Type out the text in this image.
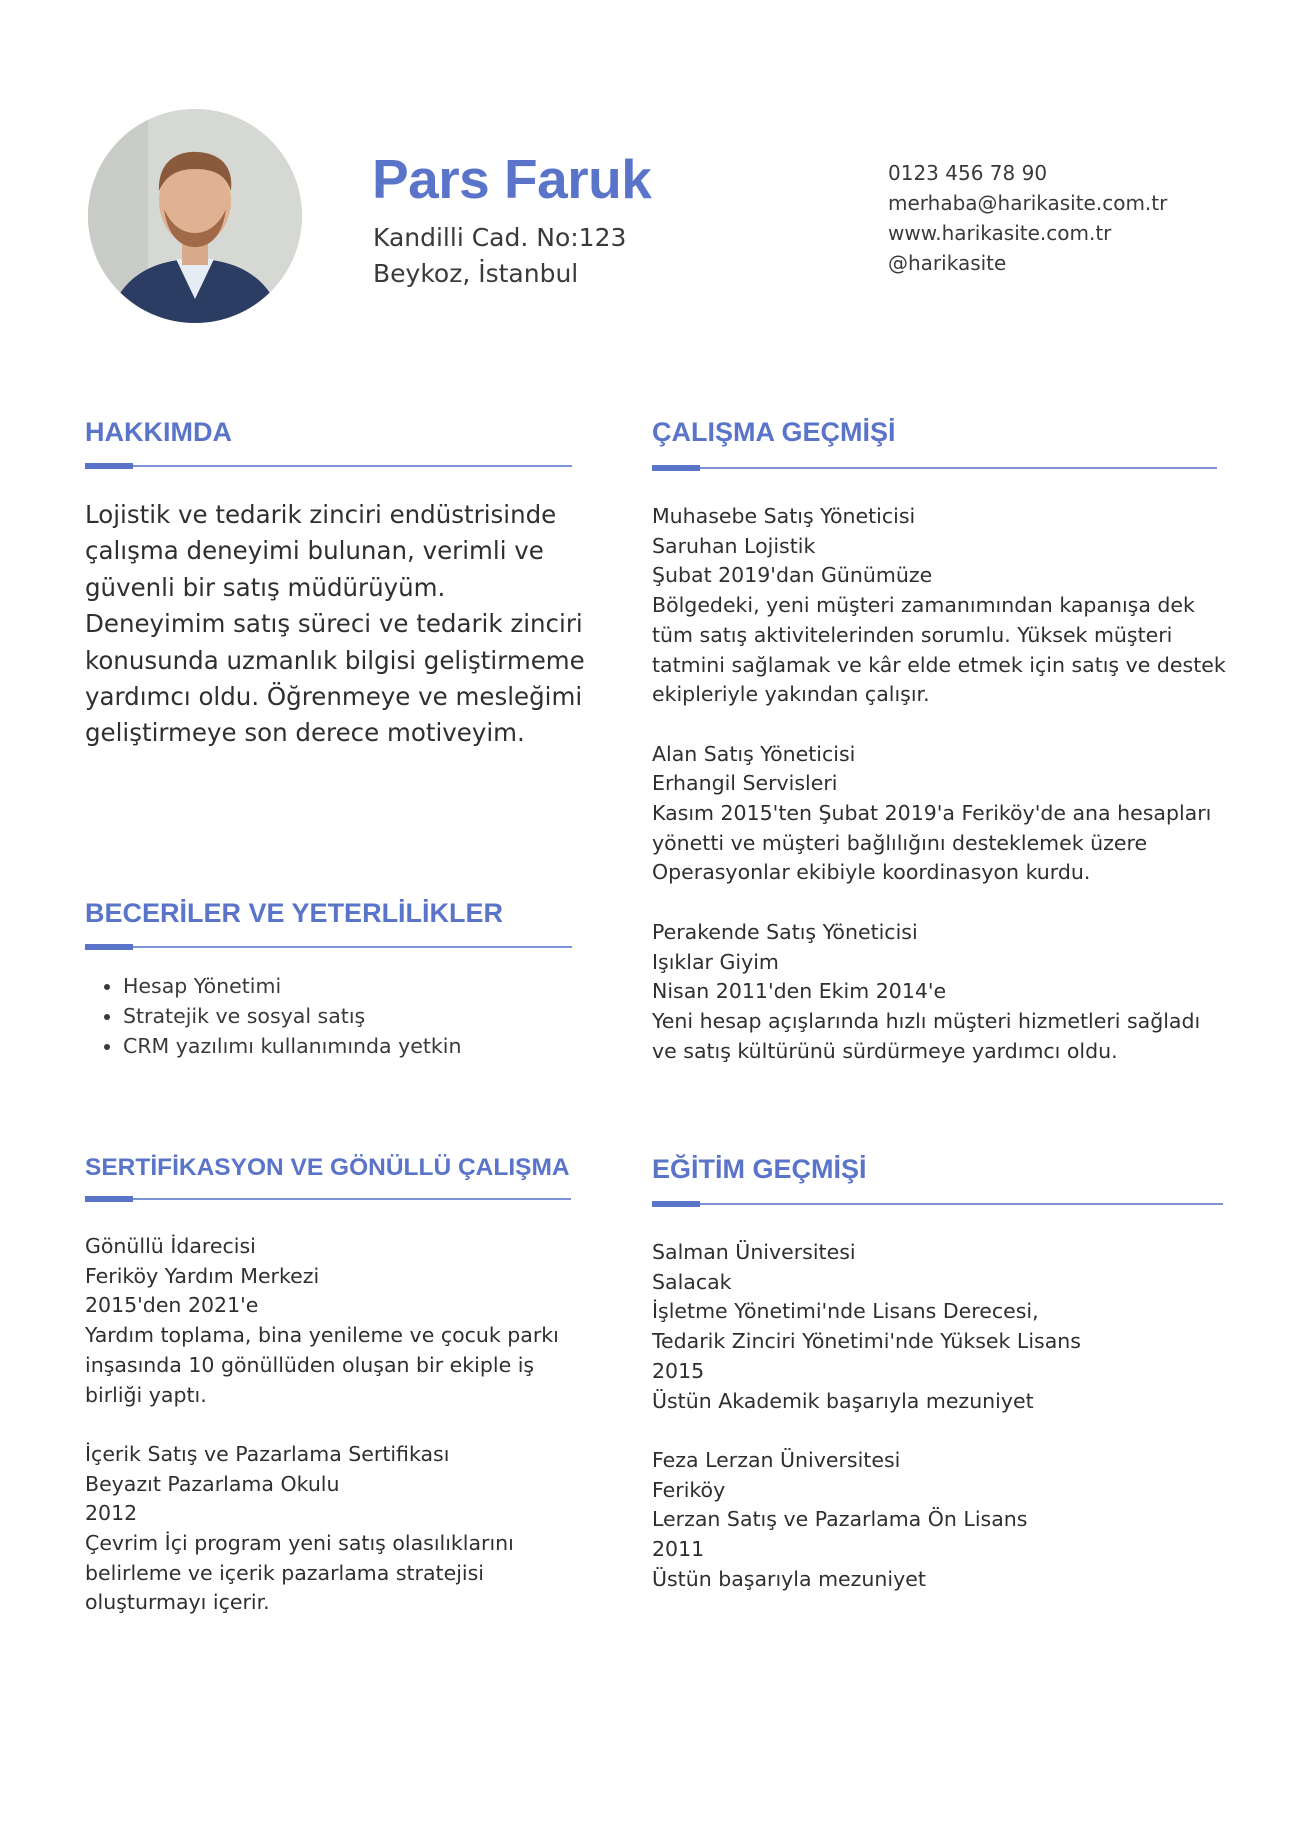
Pars Faruk
Kandilli Cad. No:123
Beykoz, İstanbul
0123 456 78 90
merhaba@harikasite.com.tr
www.harikasite.com.tr
@harikasite
HAKKIMDA

Lojistik ve tedarik zinciri endüstrisinde çalışma deneyimi bulunan, verimli ve güvenli bir satış müdürüyüm. Deneyimim satış süreci ve tedarik zinciri konusunda uzmanlık bilgisi geliştirmeme yardımcı oldu. Öğrenmeye ve mesleğimi geliştirmeye son derece motiveyim.

BECERİLER VE YETERLİLİKLER
• Hesap Yönetimi
• Stratejik ve sosyal satış
• CRM yazılımı kullanımında yetkin
SERTİFİKASYON VE GÖNÜLLÜ ÇALIŞMA
Gönüllü İdarecisi
Feriköy Yardım Merkezi
2015'den 2021'e
Yardım toplama, bina yenileme ve çocuk parkı
inşasında 10 gönüllüden oluşan bir ekiple iş
birliği yaptı.
İçerik Satış ve Pazarlama Sertifikası
Beyazıt Pazarlama Okulu
2012
Çevrim İçi program yeni satış olasılıklarını
belirleme ve içerik pazarlama stratejisi
oluşturmayı içerir.
ÇALIŞMA GEÇMİŞİ
Muhasebe Satış Yöneticisi
Saruhan Lojistik
Şubat 2019'dan Günümüze
Bölgedeki, yeni müşteri zamanımından kapanışa dek
tüm satış aktivitelerinden sorumlu. Yüksek müşteri
tatmini sağlamak ve kâr elde etmek için satış ve destek
ekipleriyle yakından çalışır.
Alan Satış Yöneticisi
Erhangil Servisleri
Kasım 2015'ten Şubat 2019'a Feriköy'de ana hesapları
yönetti ve müşteri bağlılığını desteklemek üzere
Operasyonlar ekibiyle koordinasyon kurdu.
Perakende Satış Yöneticisi
Işıklar Giyim
Nisan 2011'den Ekim 2014'e
Yeni hesap açışlarında hızlı müşteri hizmetleri sağladı
ve satış kültürünü sürdürmeye yardımcı oldu.
EĞİTİM GEÇMİŞİ
Salman Üniversitesi
Salacak
İşletme Yönetimi'nde Lisans Derecesi,
Tedarik Zinciri Yönetimi'nde Yüksek Lisans
2015
Üstün Akademik başarıyla mezuniyet
Feza Lerzan Üniversitesi
Feriköy
Lerzan Satış ve Pazarlama Ön Lisans
2011
Üstün başarıyla mezuniyet
